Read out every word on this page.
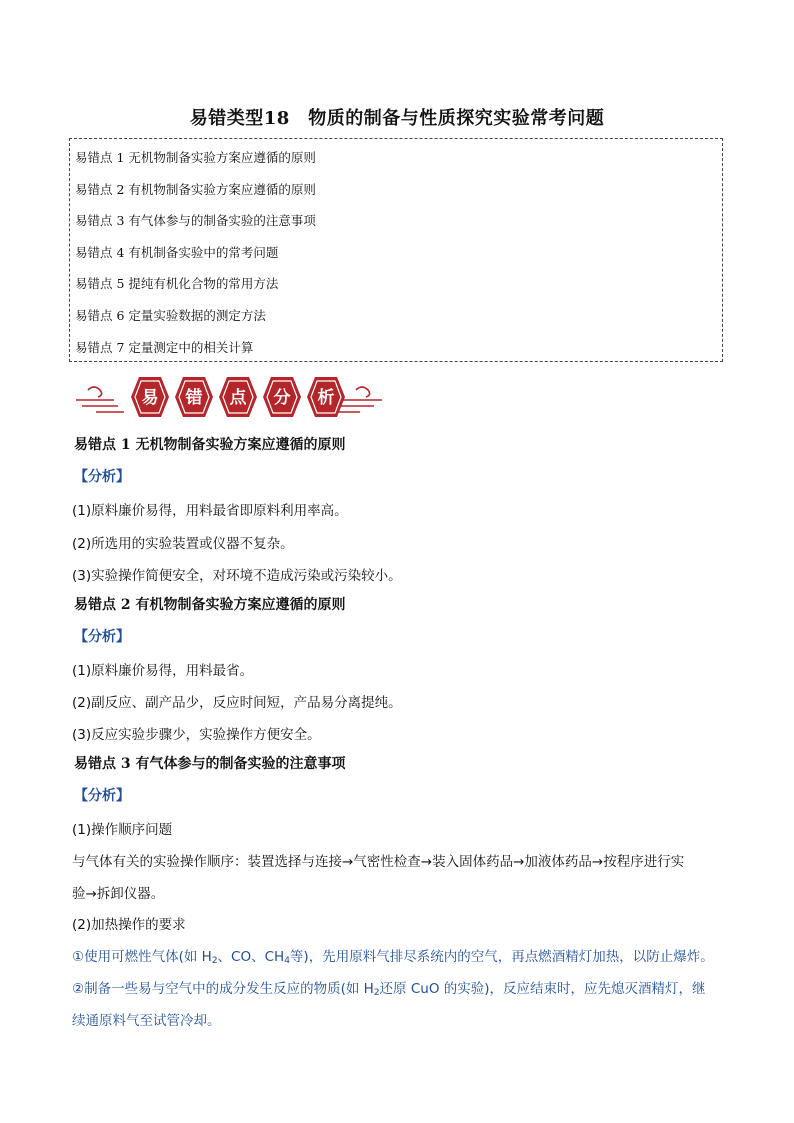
易错类型18　物质的制备与性质探究实验常考问题
易错点 1 无机物制备实验方案应遵循的原则
易错点 2 有机物制备实验方案应遵循的原则
易错点 3 有气体参与的制备实验的注意事项
易错点 4 有机制备实验中的常考问题
易错点 5 提纯有机化合物的常用方法
易错点 6 定量实验数据的测定方法
易错点 7 定量测定中的相关计算
易 错 点 分 析
易错点 1 无机物制备实验方案应遵循的原则
【分析】
(1)原料廉价易得，用料最省即原料利用率高。
(2)所选用的实验装置或仪器不复杂。
(3)实验操作简便安全，对环境不造成污染或污染较小。
易错点 2 有机物制备实验方案应遵循的原则
【分析】
(1)原料廉价易得，用料最省。
(2)副反应、副产品少，反应时间短，产品易分离提纯。
(3)反应实验步骤少，实验操作方便安全。
易错点 3 有气体参与的制备实验的注意事项
【分析】
(1)操作顺序问题
与气体有关的实验操作顺序：装置选择与连接→气密性检查→装入固体药品→加液体药品→按程序进行实
验→拆卸仪器。
(2)加热操作的要求
①使用可燃性气体(如 $H_2$、CO、$CH_4$等)，先用原料气排尽系统内的空气，再点燃酒精灯加热，以防止爆炸。
②制备一些易与空气中的成分发生反应的物质(如 $H_2$还原 CuO 的实验)，反应结束时，应先熄灭酒精灯，继
续通原料气至试管冷却。
